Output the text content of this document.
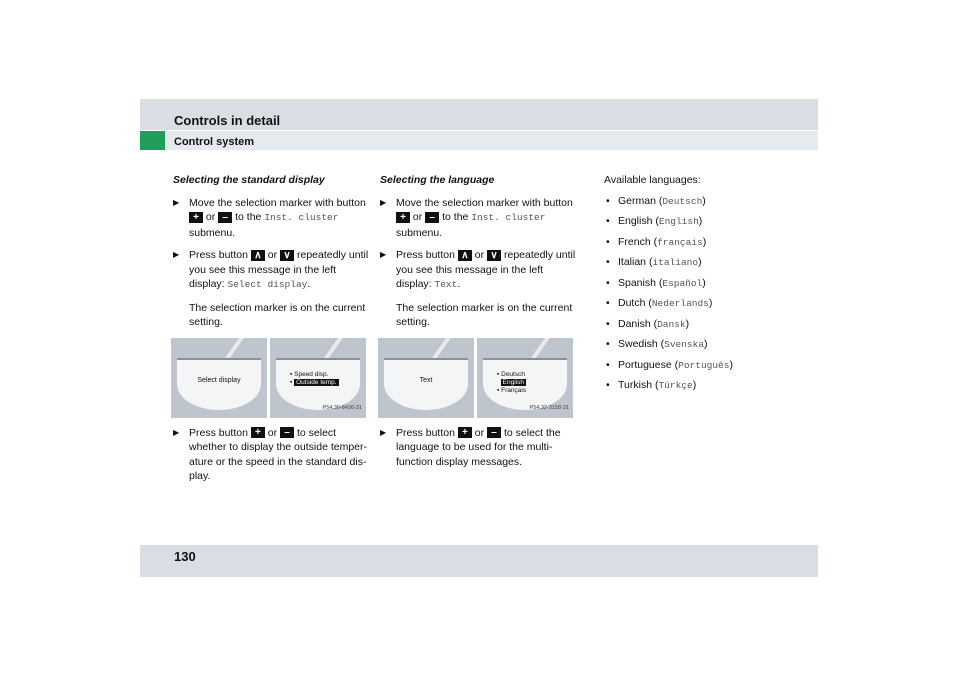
Controls in detail
Control system
Selecting the standard display
▶ Move the selection marker with button + or – to the Inst. cluster submenu.
▶ Press button ∧ or ∨ repeatedly until you see this message in the left display: Select display.
The selection marker is on the current setting.
Select display
▪ Speed disp.
▪ Outside temp.
P54.30-8436-31
▶ Press button + or – to select whether to display the outside temper-ature or the speed in the standard dis-play.
Selecting the language
▶ Move the selection marker with button + or – to the Inst. cluster submenu.
▶ Press button ∧ or ∨ repeatedly until you see this message in the left display: Text.
The selection marker is on the current setting.
Text
▪ Deutsch
English
▪ Français
P54.32-3158-31
▶ Press button + or – to select the language to be used for the multi-function display messages.
Available languages:
• German (Deutsch)
• English (English)
• French (français)
• Italian (italiano)
• Spanish (Español)
• Dutch (Nederlands)
• Danish (Dansk)
• Swedish (Svenska)
• Portuguese (Português)
• Turkish (Türkçe)
130
